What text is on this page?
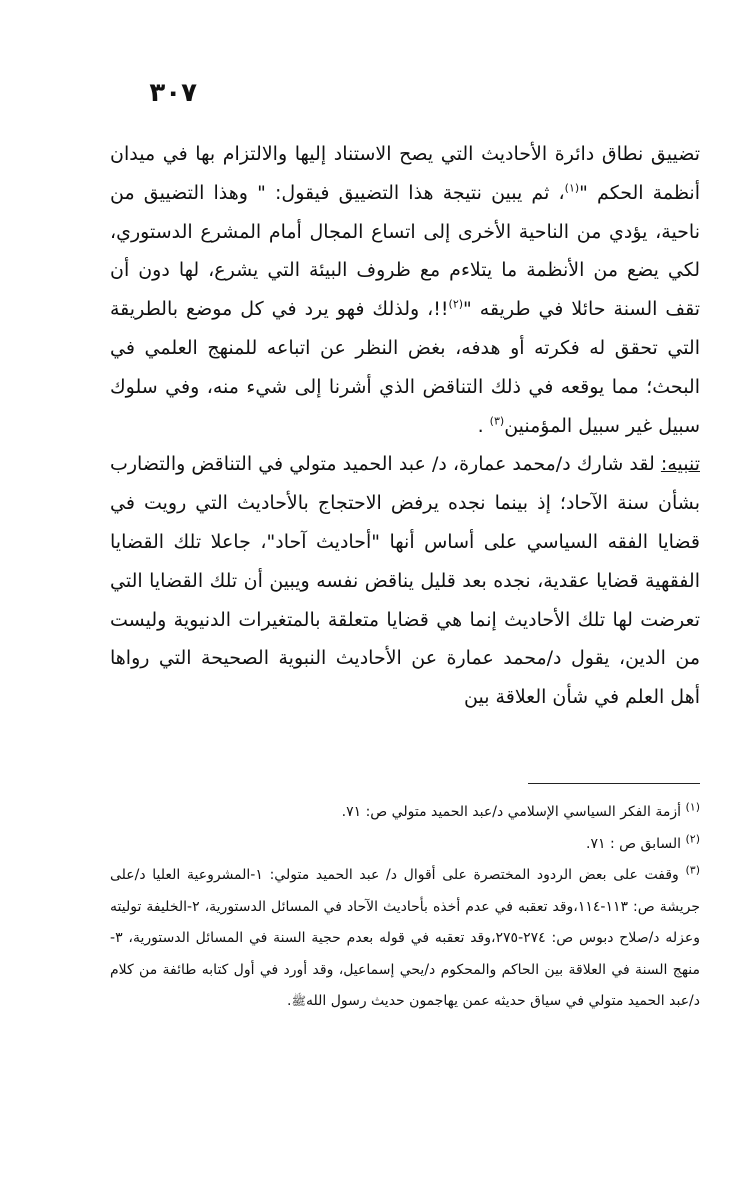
٣٠٧

تضييق نطاق دائرة الأحاديث التي يصح الاستناد إليها والالتزام بها في ميدان أنظمة الحكم "$^{(١)}$، ثم يبين نتيجة هذا التضييق فيقول: " وهذا التضييق من ناحية، يؤدي من الناحية الأخرى إلى اتساع المجال أمام المشرع الدستوري، لكي يضع من الأنظمة ما يتلاءم مع ظروف البيئة التي يشرع، لها دون أن تقف السنة حائلا في طريقه "$^{(٢)}$!!، ولذلك فهو يرد في كل موضع بالطريقة التي تحقق له فكرته أو هدفه، بغض النظر عن اتباعه للمنهج العلمي في البحث؛ مما يوقعه في ذلك التناقض الذي أشرنا إلى شيء منه، وفي سلوك سبيل غير سبيل المؤمنين$^{(٣)}$ .

تنبيه: لقد شارك د/محمد عمارة، د/ عبد الحميد متولي في التناقض والتضارب بشأن سنة الآحاد؛ إذ بينما نجده يرفض الاحتجاج بالأحاديث التي رويت في قضايا الفقه السياسي على أساس أنها "أحاديث آحاد"، جاعلا تلك القضايا الفقهية قضايا عقدية، نجده بعد قليل يناقض نفسه ويبين أن تلك القضايا التي تعرضت لها تلك الأحاديث إنما هي قضايا متعلقة بالمتغيرات الدنيوية وليست من الدين، يقول د/محمد عمارة عن الأحاديث النبوية الصحيحة التي رواها أهل العلم في شأن العلاقة بين

$^{(١)}$ أزمة الفكر السياسي الإسلامي د/عبد الحميد متولي ص: ٧١.

$^{(٢)}$ السابق ص : ٧١.

$^{(٣)}$ وقفت على بعض الردود المختصرة على أقوال د/ عبد الحميد متولي: ١-المشروعية العليا د/على جريشة ص: ١١٣-١١٤،وقد تعقبه في عدم أخذه بأحاديث الآحاد في المسائل الدستورية، ٢-الخليفة توليته وعزله د/صلاح دبوس ص: ٢٧٤-٢٧٥،وقد تعقبه في قوله بعدم حجية السنة في المسائل الدستورية، ٣-منهج السنة في العلاقة بين الحاكم والمحكوم د/يحي إسماعيل، وقد أورد في أول كتابه طائفة من كلام د/عبد الحميد متولي في سياق حديثه عمن يهاجمون حديث رسول اللهﷺ.
